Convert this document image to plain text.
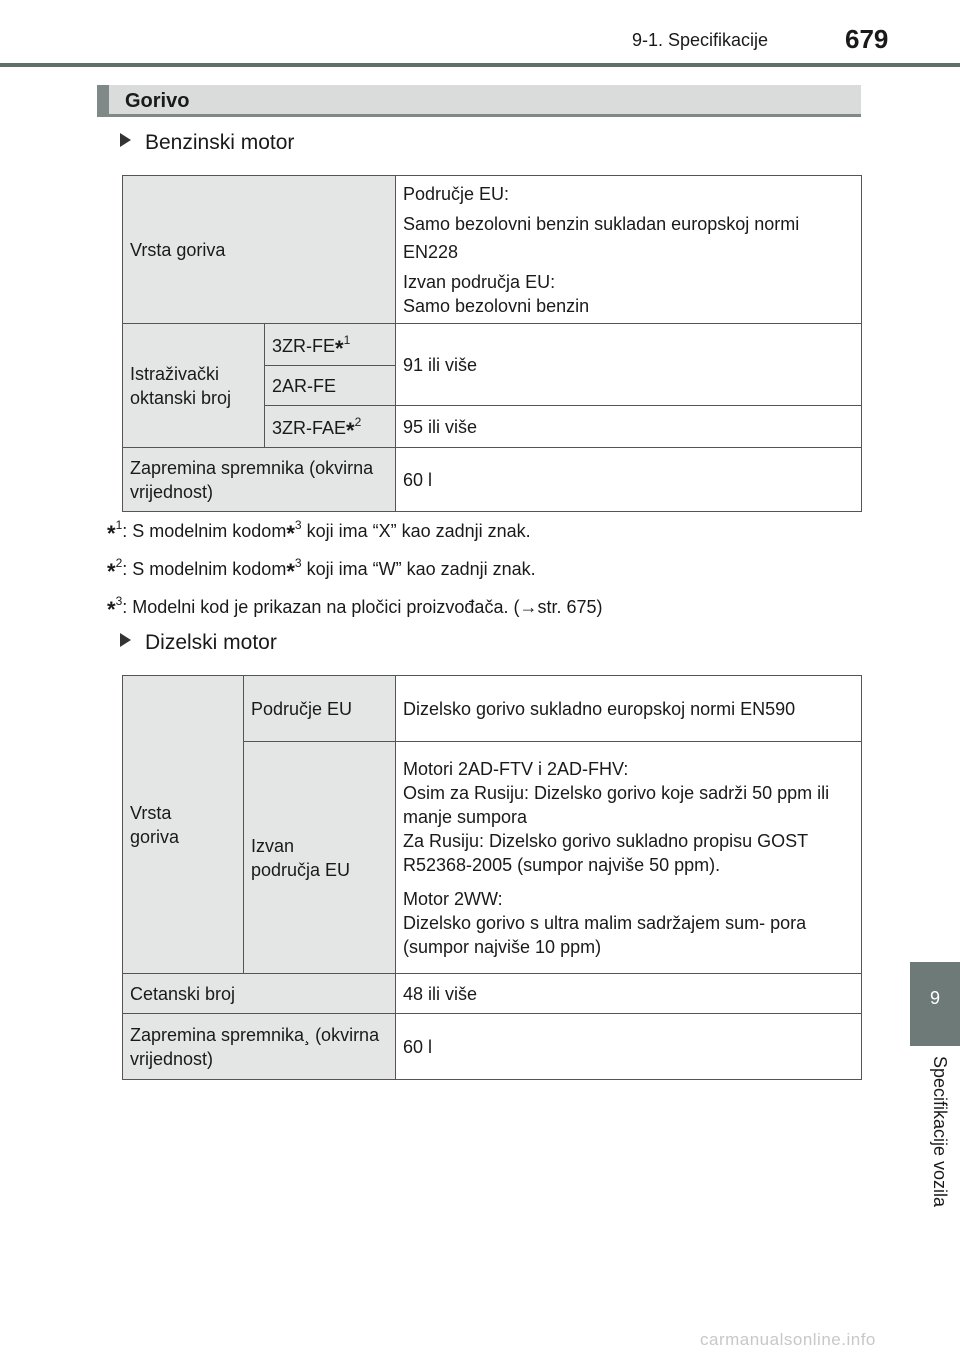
9-1. Specifikacije	679
Gorivo
Benzinski motor
Vrsta goriva		Područje EU:
Samo bezolovni benzin sukladan europskoj normi EN228
Izvan područja EU:
Samo bezolovni benzin

Istraživački oktanski broj	3ZR-FE*$^1$	91 ili više
	2AR-FE	
	3ZR-FAE*$^2$	95 ili više
Zapremina spremnika (okvirna vrijednost)		60 l
*$^1$: S modelnim kodom*$^3$ koji ima “X” kao zadnji znak.
*$^2$: S modelnim kodom*$^3$ koji ima “W” kao zadnji znak.
*$^3$: Modelni kod je prikazan na pločici proizvođača. (→str. 675)
Dizelski motor
Vrsta goriva	Područje EU	Dizelsko gorivo sukladno europskoj normi EN590
	Izvan područja EU	Motori 2AD-FTV i 2AD-FHV:
Osim za Rusiju: Dizelsko gorivo koje sadrži 50 ppm ili manje sumpora
Za Rusiju: Dizelsko gorivo sukladno propisu GOST R52368-2005 (sumpor najviše 50 ppm).
Motor 2WW:
Dizelsko gorivo s ultra malim sadržajem sum- pora (sumpor najviše 10 ppm)

Cetanski broj		48 ili više
Zapremina spremnika¸ (okvirna vrijednost)		60 l
9
Specifikacije vozila
carmanualsonline.info
